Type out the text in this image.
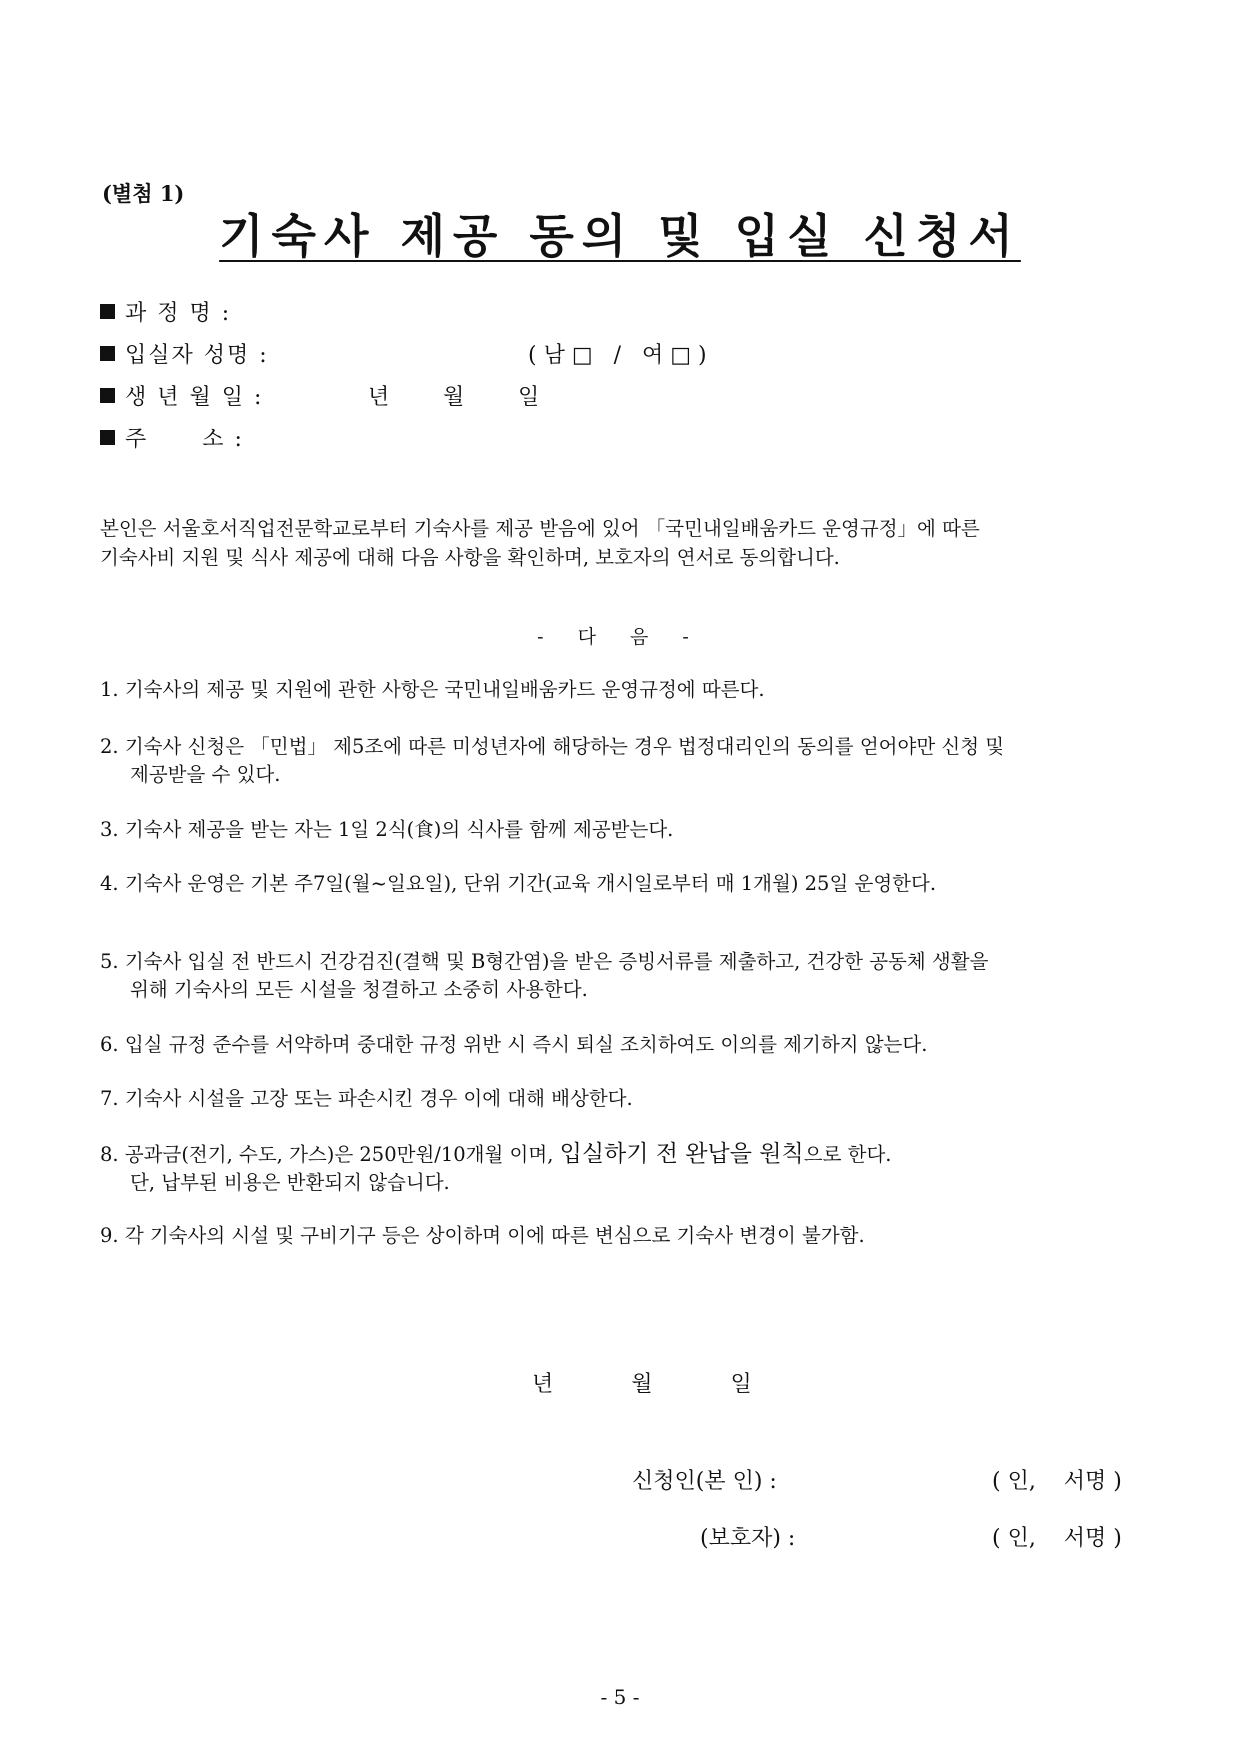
(별첨 1)
기숙사 제공 동의 및 입실 신청서
과 정 명 :
입실자 성명 :	( 남 □   /   여 □ )
생 년 월 일 :	년 월 일
주      소 :
본인은 서울호서직업전문학교로부터 기숙사를 제공 받음에 있어 「국민내일배움카드 운영규정」에 따른
기숙사비 지원 및 식사 제공에 대해 다음 사항을 확인하며, 보호자의 연서로 동의합니다.
- 다 음 -
1. 기숙사의 제공 및 지원에 관한 사항은 국민내일배움카드 운영규정에 따른다.
2. 기숙사 신청은 「민법」 제5조에 따른 미성년자에 해당하는 경우 법정대리인의 동의를 얻어야만 신청 및
제공받을 수 있다.
3. 기숙사 제공을 받는 자는 1일 2식(食)의 식사를 함께 제공받는다.
4. 기숙사 운영은 기본 주7일(월~일요일), 단위 기간(교육 개시일로부터 매 1개월) 25일 운영한다.
5. 기숙사 입실 전 반드시 건강검진(결핵 및 B형간염)을 받은 증빙서류를 제출하고, 건강한 공동체 생활을
위해 기숙사의 모든 시설을 청결하고 소중히 사용한다.
6. 입실 규정 준수를 서약하며 중대한 규정 위반 시 즉시 퇴실 조치하여도 이의를 제기하지 않는다.
7. 기숙사 시설을 고장 또는 파손시킨 경우 이에 대해 배상한다.
8. 공과금(전기, 수도, 가스)은 250만원/10개월 이며, 입실하기 전 완납을 원칙으로 한다.
단, 납부된 비용은 반환되지 않습니다.
9. 각 기숙사의 시설 및 구비기구 등은 상이하며 이에 따른 변심으로 기숙사 변경이 불가함.
년	월	일
신청인(본 인) :	( 인,    서명 )
(보호자) :	( 인,    서명 )
- 5 -
